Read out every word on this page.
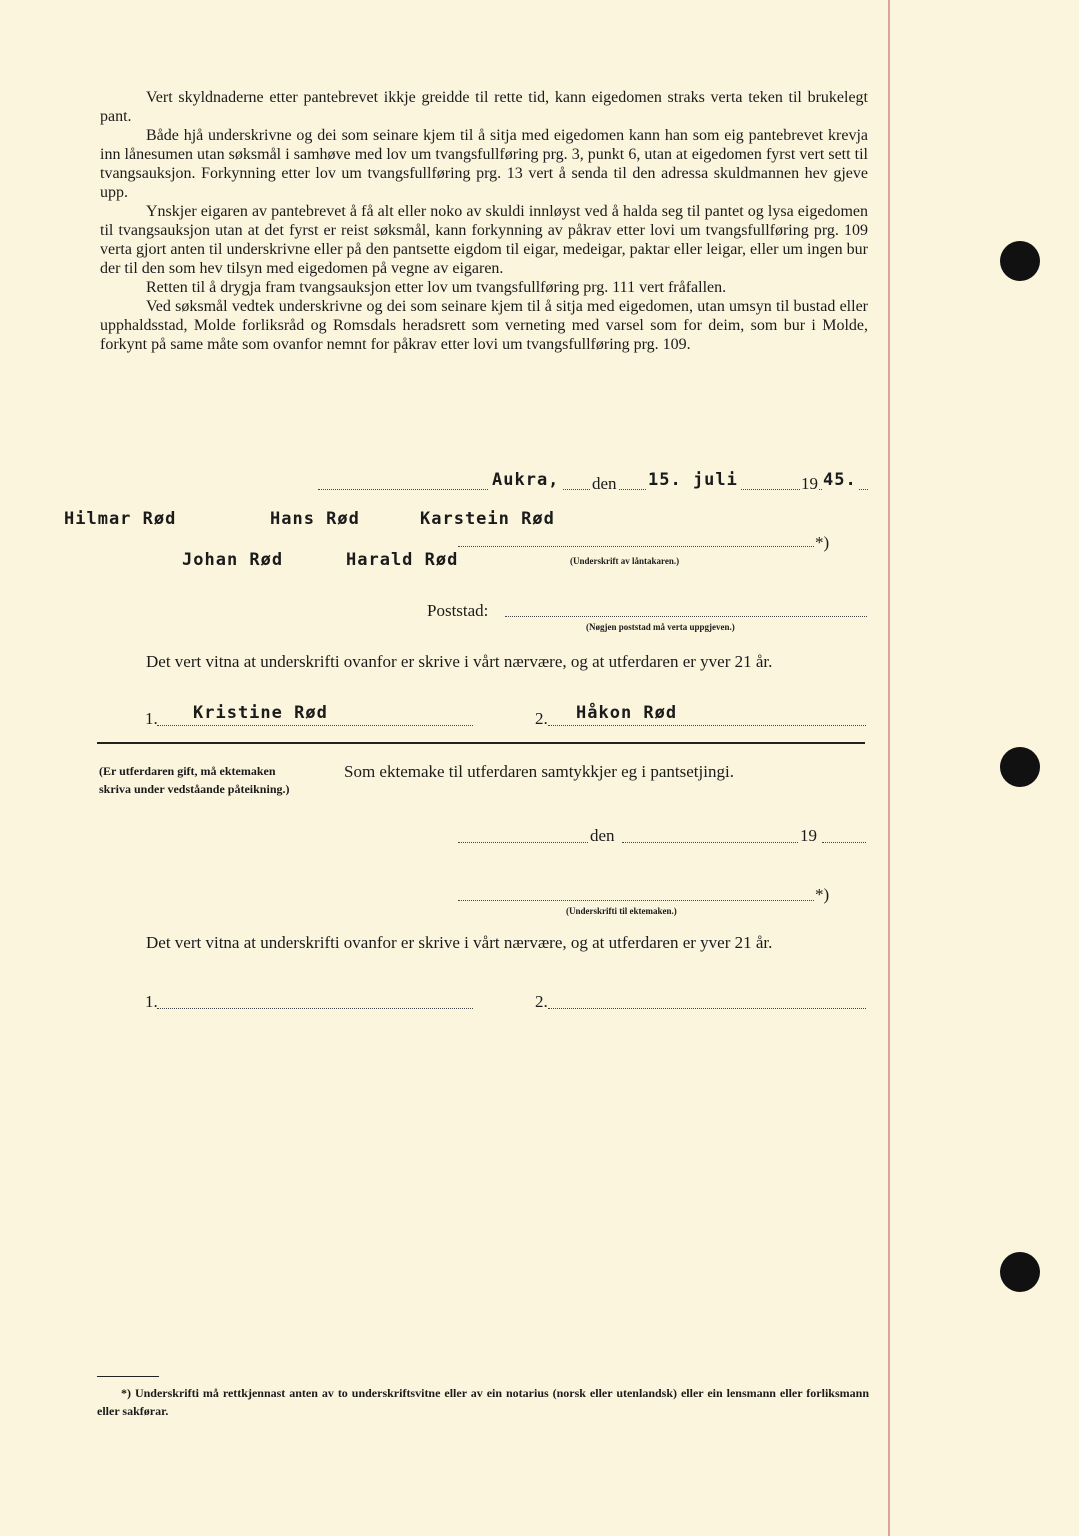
Vert skyldnaderne etter pantebrevet ikkje greidde til rette tid, kann eigedomen straks verta teken til brukelegt pant.

Både hjå underskrivne og dei som seinare kjem til å sitja med eigedomen kann han som eig pantebrevet krevja inn lånesumen utan søksmål i samhøve med lov um tvangsfullføring prg. 3, punkt 6, utan at eigedomen fyrst vert sett til tvangsauksjon. Forkynning etter lov um tvangsfullføring prg. 13 vert å senda til den adressa skuldmannen hev gjeve upp.

Ynskjer eigaren av pantebrevet å få alt eller noko av skuldi innløyst ved å halda seg til pantet og lysa eigedomen til tvangsauksjon utan at det fyrst er reist søksmål, kann forkynning av påkrav etter lovi um tvangsfullføring prg. 109 verta gjort anten til underskrivne eller på den pantsette eigdom til eigar, medeigar, paktar eller leigar, eller um ingen bur der til den som hev tilsyn med eigedomen på vegne av eigaren.

Retten til å drygja fram tvangsauksjon etter lov um tvangsfullføring prg. 111 vert fråfallen.

Ved søksmål vedtek underskrivne og dei som seinare kjem til å sitja med eigedomen, utan umsyn til bustad eller upphaldsstad, Molde forliksråd og Romsdals heradsrett som verneting med varsel som for deim, som bur i Molde, forkynt på same måte som ovanfor nemnt for påkrav etter lovi um tvangsfullføring prg. 109.

Aukra, den 15. juli	19 45.
Hilmar Rød	Hans Rød	Karstein Rød
*)
Johan Rød	Harald Rød	(Underskrift av låntakaren.)
Poststad:
(Nøgjen poststad må verta uppgjeven.)

Det vert vitna at underskrifti ovanfor er skrive i vårt nærvære, og at utferdaren er yver 21 år.

1. Kristine Rød	2. Håkon Rød
(Er utferdaren gift, må ektemaken skriva under vedståande påteikning.)
Som ektemake til utferdaren samtykkjer eg i pantsetjingi.
den	19
*)
(Underskrifti til ektemaken.)

Det vert vitna at underskrifti ovanfor er skrive i vårt nærvære, og at utferdaren er yver 21 år.

1.	2.
*) Underskrifti må rettkjennast anten av to underskriftsvitne eller av ein notarius (norsk eller utenlandsk) eller ein lensmann eller forliksmann eller sakførar.
